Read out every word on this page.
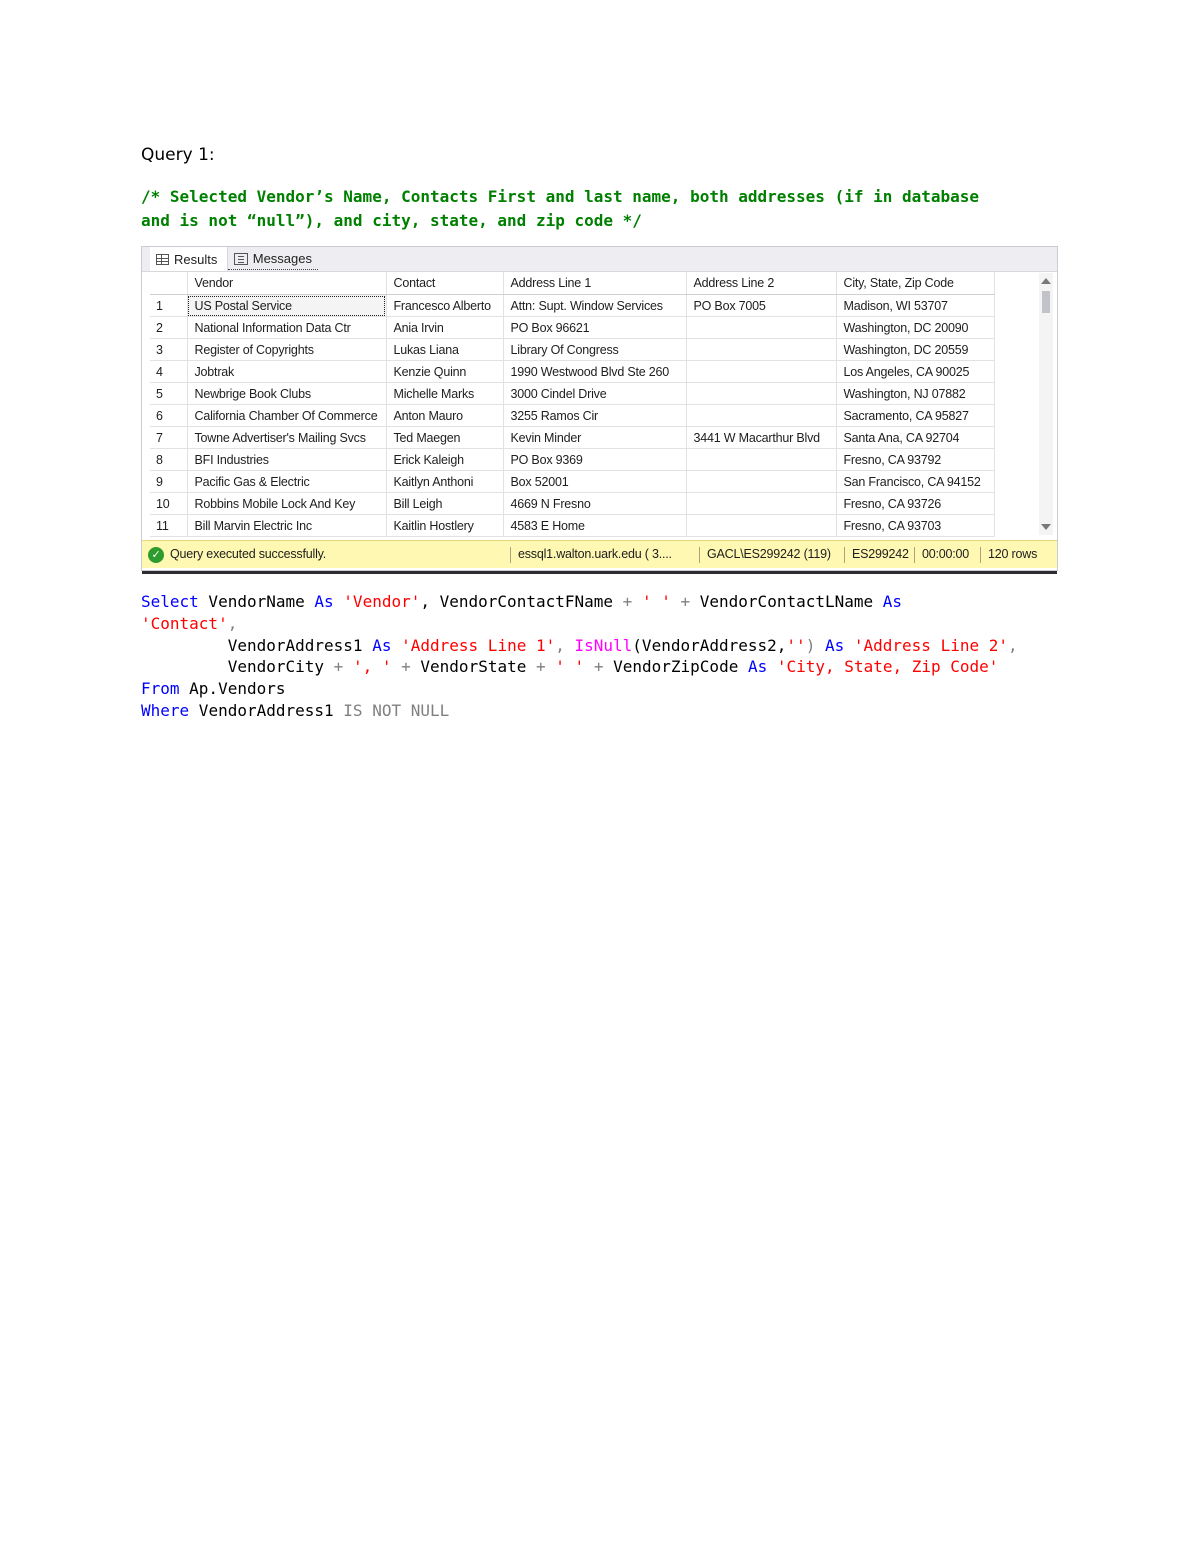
Query 1:
/* Selected Vendor’s Name, Contacts First and last name, both addresses (if in database
and is not “null”), and city, state, and zip code */
Results	Messages
	Vendor	Contact	Address Line 1	Address Line 2	City, State, Zip Code
1	US Postal Service	Francesco Alberto	Attn: Supt. Window Services	PO Box 7005	Madison, WI 53707
2	National Information Data Ctr	Ania Irvin	PO Box 96621		Washington, DC 20090
3	Register of Copyrights	Lukas Liana	Library Of Congress		Washington, DC 20559
4	Jobtrak	Kenzie Quinn	1990 Westwood Blvd Ste 260		Los Angeles, CA 90025
5	Newbrige Book Clubs	Michelle Marks	3000 Cindel Drive		Washington, NJ 07882
6	California Chamber Of Commerce	Anton Mauro	3255 Ramos Cir		Sacramento, CA 95827
7	Towne Advertiser's Mailing Svcs	Ted Maegen	Kevin Minder	3441 W Macarthur Blvd	Santa Ana, CA 92704
8	BFI Industries	Erick Kaleigh	PO Box 9369		Fresno, CA 93792
9	Pacific Gas & Electric	Kaitlyn Anthoni	Box 52001		San Francisco, CA 94152
10	Robbins Mobile Lock And Key	Bill Leigh	4669 N Fresno		Fresno, CA 93726
11	Bill Marvin Electric Inc	Kaitlin Hostlery	4583 E Home		Fresno, CA 93703
✓ Query executed successfully.	essql1.walton.uark.edu ( 3....	GACL\ES299242 (119) ES299242 00:00:00 120 rows
Select VendorName As 'Vendor', VendorContactFName + ' ' + VendorContactLName As
'Contact',
VendorAddress1 As 'Address Line 1', IsNull(VendorAddress2,'') As 'Address Line 2',
VendorCity + ', ' + VendorState + ' ' + VendorZipCode As 'City, State, Zip Code'
From Ap.Vendors
Where VendorAddress1 IS NOT NULL
